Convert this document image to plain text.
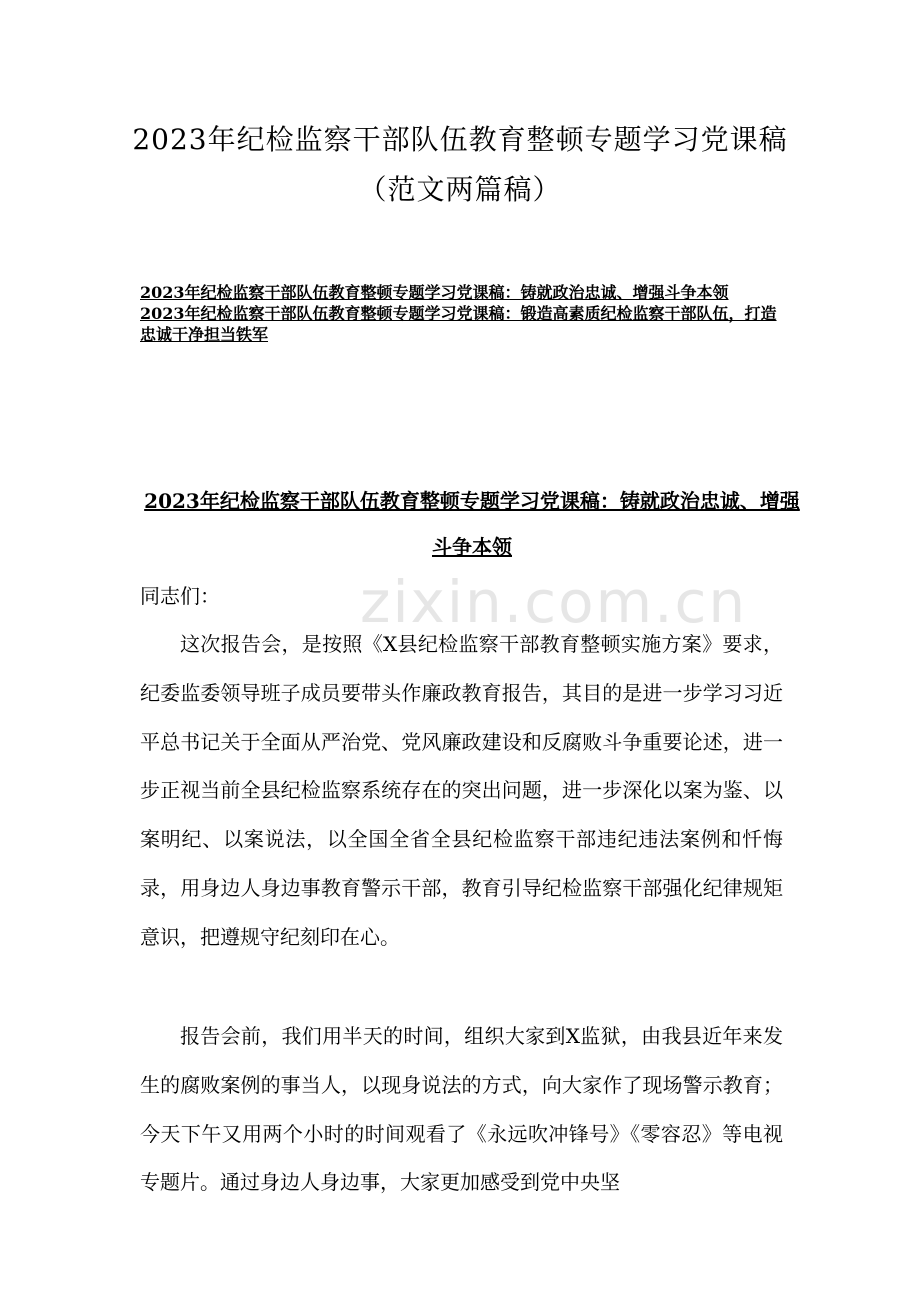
zixin.com.cn
2023年纪检监察干部队伍教育整顿专题学习党课稿
（范文两篇稿）
2023年纪检监察干部队伍教育整顿专题学习党课稿：铸就政治忠诚、增强斗争本领
2023年纪检监察干部队伍教育整顿专题学习党课稿：锻造高素质纪检监察干部队伍，打造忠诚干净担当铁军
2023年纪检监察干部队伍教育整顿专题学习党课稿：铸就政治忠诚、增强斗争本领

同志们：

这次报告会，是按照《X县纪检监察干部教育整顿实施方案》要求，纪委监委领导班子成员要带头作廉政教育报告，其目的是进一步学习习近平总书记关于全面从严治党、党风廉政建设和反腐败斗争重要论述，进一步正视当前全县纪检监察系统存在的突出问题，进一步深化以案为鉴、以案明纪、以案说法，以全国全省全县纪检监察干部违纪违法案例和忏悔录，用身边人身边事教育警示干部，教育引导纪检监察干部强化纪律规矩意识，把遵规守纪刻印在心。

报告会前，我们用半天的时间，组织大家到X监狱，由我县近年来发生的腐败案例的事当人，以现身说法的方式，向大家作了现场警示教育；今天下午又用两个小时的时间观看了《永远吹冲锋号》《零容忍》等电视专题片。通过身边人身边事，大家更加感受到党中央坚
